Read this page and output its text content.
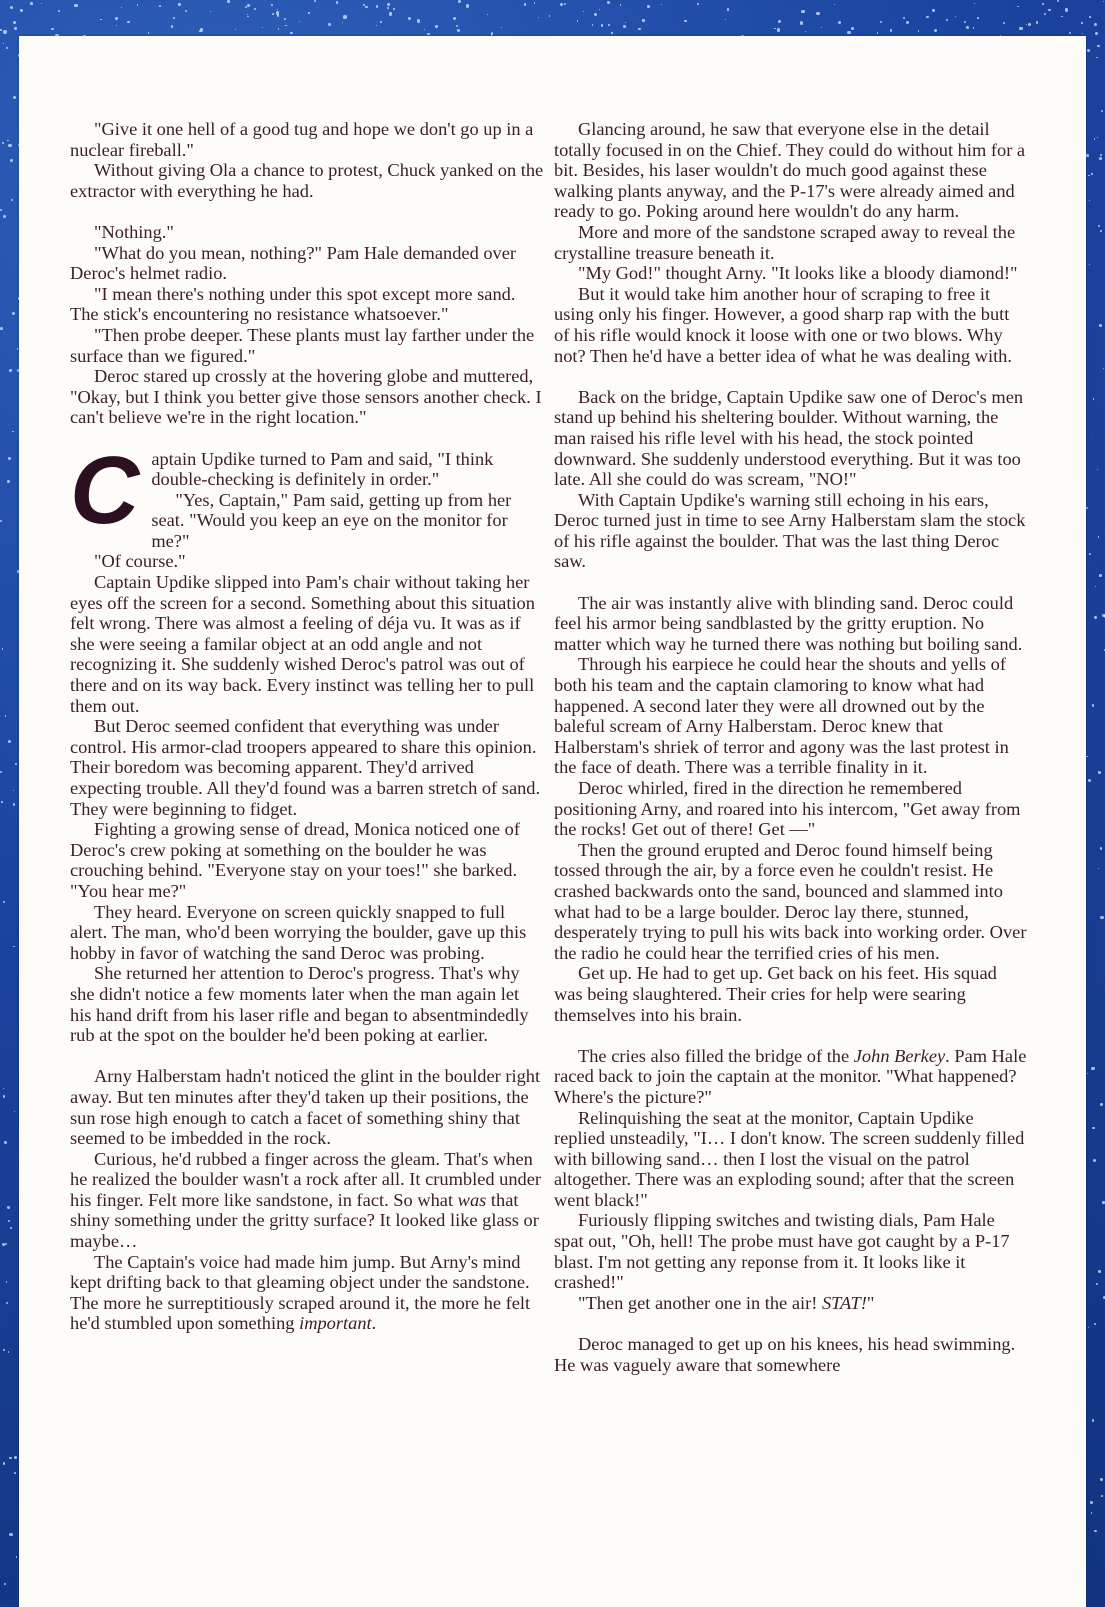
"Give it one hell of a good tug and hope we don't go up in a nuclear fireball."

Without giving Ola a chance to protest, Chuck yanked on the extractor with everything he had.

"Nothing."

"What do you mean, nothing?" Pam Hale demanded over Deroc's helmet radio.

"I mean there's nothing under this spot except more sand. The stick's encountering no resistance whatsoever."

"Then probe deeper. These plants must lay farther under the surface than we figured."

Deroc stared up crossly at the hovering globe and muttered, "Okay, but I think you better give those sensors another check. I can't believe we're in the right location."

C aptain Updike turned to Pam and said, "I think double-checking is definitely in order."

"Yes, Captain," Pam said, getting up from her seat. "Would you keep an eye on the monitor for me?"

"Of course."

Captain Updike slipped into Pam's chair without taking her eyes off the screen for a second. Something about this situation felt wrong. There was almost a feeling of déja vu. It was as if she were seeing a familar object at an odd angle and not recognizing it. She suddenly wished Deroc's patrol was out of there and on its way back. Every instinct was telling her to pull them out.

But Deroc seemed confident that everything was under control. His armor-clad troopers appeared to share this opinion. Their boredom was becoming apparent. They'd arrived expecting trouble. All they'd found was a barren stretch of sand. They were beginning to fidget.

Fighting a growing sense of dread, Monica noticed one of Deroc's crew poking at something on the boulder he was crouching behind. "Everyone stay on your toes!" she barked. "You hear me?"

They heard. Everyone on screen quickly snapped to full alert. The man, who'd been worrying the boulder, gave up this hobby in favor of watching the sand Deroc was probing.

She returned her attention to Deroc's progress. That's why she didn't notice a few moments later when the man again let his hand drift from his laser rifle and began to absentmindedly rub at the spot on the boulder he'd been poking at earlier.

Arny Halberstam hadn't noticed the glint in the boulder right away. But ten minutes after they'd taken up their positions, the sun rose high enough to catch a facet of something shiny that seemed to be imbedded in the rock.

Curious, he'd rubbed a finger across the gleam. That's when he realized the boulder wasn't a rock after all. It crumbled under his finger. Felt more like sandstone, in fact. So what was that shiny something under the gritty surface? It looked like glass or maybe…

The Captain's voice had made him jump. But Arny's mind kept drifting back to that gleaming object under the sandstone. The more he surreptitiously scraped around it, the more he felt he'd stumbled upon something important.

Glancing around, he saw that everyone else in the detail totally focused in on the Chief. They could do without him for a bit. Besides, his laser wouldn't do much good against these walking plants anyway, and the P-17's were already aimed and ready to go. Poking around here wouldn't do any harm.

More and more of the sandstone scraped away to reveal the crystalline treasure beneath it.

"My God!" thought Arny. "It looks like a bloody diamond!"

But it would take him another hour of scraping to free it using only his finger. However, a good sharp rap with the butt of his rifle would knock it loose with one or two blows. Why not? Then he'd have a better idea of what he was dealing with.

Back on the bridge, Captain Updike saw one of Deroc's men stand up behind his sheltering boulder. Without warning, the man raised his rifle level with his head, the stock pointed downward. She suddenly understood everything. But it was too late. All she could do was scream, "NO!"

With Captain Updike's warning still echoing in his ears, Deroc turned just in time to see Arny Halberstam slam the stock of his rifle against the boulder. That was the last thing Deroc saw.

The air was instantly alive with blinding sand. Deroc could feel his armor being sandblasted by the gritty eruption. No matter which way he turned there was nothing but boiling sand.

Through his earpiece he could hear the shouts and yells of both his team and the captain clamoring to know what had happened. A second later they were all drowned out by the baleful scream of Arny Halberstam. Deroc knew that Halberstam's shriek of terror and agony was the last protest in the face of death. There was a terrible finality in it.

Deroc whirled, fired in the direction he remembered positioning Arny, and roared into his intercom, "Get away from the rocks! Get out of there! Get —"

Then the ground erupted and Deroc found himself being tossed through the air, by a force even he couldn't resist. He crashed backwards onto the sand, bounced and slammed into what had to be a large boulder. Deroc lay there, stunned, desperately trying to pull his wits back into working order. Over the radio he could hear the terrified cries of his men.

Get up. He had to get up. Get back on his feet. His squad was being slaughtered. Their cries for help were searing themselves into his brain.

The cries also filled the bridge of the John Berkey. Pam Hale raced back to join the captain at the monitor. "What happened? Where's the picture?"

Relinquishing the seat at the monitor, Captain Updike replied unsteadily, "I… I don't know. The screen suddenly filled with billowing sand… then I lost the visual on the patrol altogether. There was an exploding sound; after that the screen went black!"

Furiously flipping switches and twisting dials, Pam Hale spat out, "Oh, hell! The probe must have got caught by a P-17 blast. I'm not getting any reponse from it. It looks like it crashed!"

"Then get another one in the air! STAT!"

Deroc managed to get up on his knees, his head swimming. He was vaguely aware that somewhere
